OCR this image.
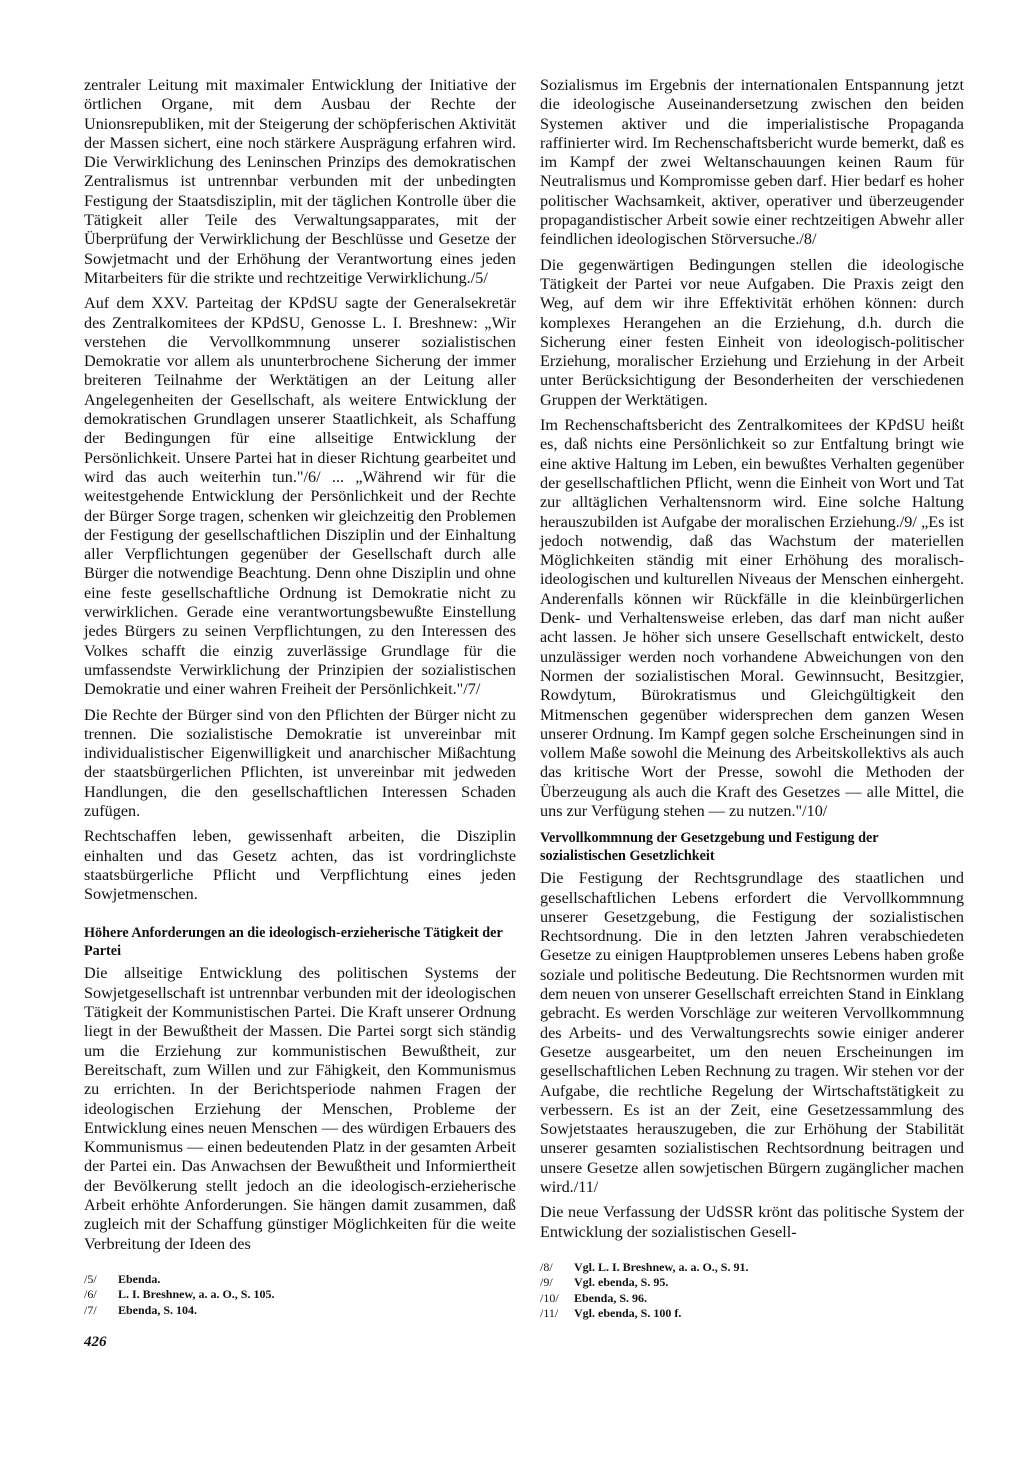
zentraler Leitung mit maximaler Entwicklung der Initiative der örtlichen Organe, mit dem Ausbau der Rechte der Unionsrepubliken, mit der Steigerung der schöpferischen Aktivität der Massen sichert, eine noch stärkere Ausprägung erfahren wird. Die Verwirklichung des Leninschen Prinzips des demokratischen Zentralismus ist untrennbar verbunden mit der unbedingten Festigung der Staatsdisziplin, mit der täglichen Kontrolle über die Tätigkeit aller Teile des Verwaltungsapparates, mit der Überprüfung der Verwirklichung der Beschlüsse und Gesetze der Sowjetmacht und der Erhöhung der Verantwortung eines jeden Mitarbeiters für die strikte und rechtzeitige Verwirklichung./5/

Auf dem XXV. Parteitag der KPdSU sagte der Generalsekretär des Zentralkomitees der KPdSU, Genosse L. I. Breshnew: „Wir verstehen die Vervollkommnung unserer sozialistischen Demokratie vor allem als ununterbrochene Sicherung der immer breiteren Teilnahme der Werktätigen an der Leitung aller Angelegenheiten der Gesellschaft, als weitere Entwicklung der demokratischen Grundlagen unserer Staatlichkeit, als Schaffung der Bedingungen für eine allseitige Entwicklung der Persönlichkeit. Unsere Partei hat in dieser Richtung gearbeitet und wird das auch weiterhin tun."/6/ ... „Während wir für die weitestgehende Entwicklung der Persönlichkeit und der Rechte der Bürger Sorge tragen, schenken wir gleichzeitig den Problemen der Festigung der gesellschaftlichen Disziplin und der Einhaltung aller Verpflichtungen gegenüber der Gesellschaft durch alle Bürger die notwendige Beachtung. Denn ohne Disziplin und ohne eine feste gesellschaftliche Ordnung ist Demokratie nicht zu verwirklichen. Gerade eine verantwortungsbewußte Einstellung jedes Bürgers zu seinen Verpflichtungen, zu den Interessen des Volkes schafft die einzig zuverlässige Grundlage für die umfassendste Verwirklichung der Prinzipien der sozialistischen Demokratie und einer wahren Freiheit der Persönlichkeit."/7/

Die Rechte der Bürger sind von den Pflichten der Bürger nicht zu trennen. Die sozialistische Demokratie ist unvereinbar mit individualistischer Eigenwilligkeit und anarchischer Mißachtung der staatsbürgerlichen Pflichten, ist unvereinbar mit jedweden Handlungen, die den gesellschaftlichen Interessen Schaden zufügen.

Rechtschaffen leben, gewissenhaft arbeiten, die Disziplin einhalten und das Gesetz achten, das ist vordringlichste staatsbürgerliche Pflicht und Verpflichtung eines jeden Sowjetmenschen.

Höhere Anforderungen an die ideologisch-erzieherische Tätigkeit der Partei

Die allseitige Entwicklung des politischen Systems der Sowjetgesellschaft ist untrennbar verbunden mit der ideologischen Tätigkeit der Kommunistischen Partei. Die Kraft unserer Ordnung liegt in der Bewußtheit der Massen. Die Partei sorgt sich ständig um die Erziehung zur kommunistischen Bewußtheit, zur Bereitschaft, zum Willen und zur Fähigkeit, den Kommunismus zu errichten. In der Berichtsperiode nahmen Fragen der ideologischen Erziehung der Menschen, Probleme der Entwicklung eines neuen Menschen — des würdigen Erbauers des Kommunismus — einen bedeutenden Platz in der gesamten Arbeit der Partei ein. Das Anwachsen der Bewußtheit und Informiertheit der Bevölkerung stellt jedoch an die ideologisch-erzieherische Arbeit erhöhte Anforderungen. Sie hängen damit zusammen, daß zugleich mit der Schaffung günstiger Möglichkeiten für die weite Verbreitung der Ideen des

/5/ Ebenda.
/6/ L. I. Breshnew, a. a. O., S. 105.
/7/ Ebenda, S. 104.

Sozialismus im Ergebnis der internationalen Entspannung jetzt die ideologische Auseinandersetzung zwischen den beiden Systemen aktiver und die imperialistische Propaganda raffinierter wird. Im Rechenschaftsbericht wurde bemerkt, daß es im Kampf der zwei Weltanschauungen keinen Raum für Neutralismus und Kompromisse geben darf. Hier bedarf es hoher politischer Wachsamkeit, aktiver, operativer und überzeugender propagandistischer Arbeit sowie einer rechtzeitigen Abwehr aller feindlichen ideologischen Störversuche./8/

Die gegenwärtigen Bedingungen stellen die ideologische Tätigkeit der Partei vor neue Aufgaben. Die Praxis zeigt den Weg, auf dem wir ihre Effektivität erhöhen können: durch komplexes Herangehen an die Erziehung, d.h. durch die Sicherung einer festen Einheit von ideologisch-politischer Erziehung, moralischer Erziehung und Erziehung in der Arbeit unter Berücksichtigung der Besonderheiten der verschiedenen Gruppen der Werktätigen.

Im Rechenschaftsbericht des Zentralkomitees der KPdSU heißt es, daß nichts eine Persönlichkeit so zur Entfaltung bringt wie eine aktive Haltung im Leben, ein bewußtes Verhalten gegenüber der gesellschaftlichen Pflicht, wenn die Einheit von Wort und Tat zur alltäglichen Verhaltensnorm wird. Eine solche Haltung herauszubilden ist Aufgabe der moralischen Erziehung./9/ „Es ist jedoch notwendig, daß das Wachstum der materiellen Möglichkeiten ständig mit einer Erhöhung des moralisch-ideologischen und kulturellen Niveaus der Menschen einhergeht. Anderenfalls können wir Rückfälle in die kleinbürgerlichen Denk- und Verhaltensweise erleben, das darf man nicht außer acht lassen. Je höher sich unsere Gesellschaft entwickelt, desto unzulässiger werden noch vorhandene Abweichungen von den Normen der sozialistischen Moral. Gewinnsucht, Besitzgier, Rowdytum, Bürokratismus und Gleichgültigkeit den Mitmenschen gegenüber widersprechen dem ganzen Wesen unserer Ordnung. Im Kampf gegen solche Erscheinungen sind in vollem Maße sowohl die Meinung des Arbeitskollektivs als auch das kritische Wort der Presse, sowohl die Methoden der Überzeugung als auch die Kraft des Gesetzes — alle Mittel, die uns zur Verfügung stehen — zu nutzen."/10/

Vervollkommnung der Gesetzgebung und Festigung der sozialistischen Gesetzlichkeit

Die Festigung der Rechtsgrundlage des staatlichen und gesellschaftlichen Lebens erfordert die Vervollkommnung unserer Gesetzgebung, die Festigung der sozialistischen Rechtsordnung. Die in den letzten Jahren verabschiedeten Gesetze zu einigen Hauptproblemen unseres Lebens haben große soziale und politische Bedeutung. Die Rechtsnormen wurden mit dem neuen von unserer Gesellschaft erreichten Stand in Einklang gebracht. Es werden Vorschläge zur weiteren Vervollkommnung des Arbeits- und des Verwaltungsrechts sowie einiger anderer Gesetze ausgearbeitet, um den neuen Erscheinungen im gesellschaftlichen Leben Rechnung zu tragen. Wir stehen vor der Aufgabe, die rechtliche Regelung der Wirtschaftstätigkeit zu verbessern. Es ist an der Zeit, eine Gesetzessammlung des Sowjetstaates herauszugeben, die zur Erhöhung der Stabilität unserer gesamten sozialistischen Rechtsordnung beitragen und unsere Gesetze allen sowjetischen Bürgern zugänglicher machen wird./11/

Die neue Verfassung der UdSSR krönt das politische System der Entwicklung der sozialistischen Gesell-

/8/ Vgl. L. I. Breshnew, a. a. O., S. 91.
/9/ Vgl. ebenda, S. 95.
/10/ Ebenda, S. 96.
/11/ Vgl. ebenda, S. 100 f.
426
